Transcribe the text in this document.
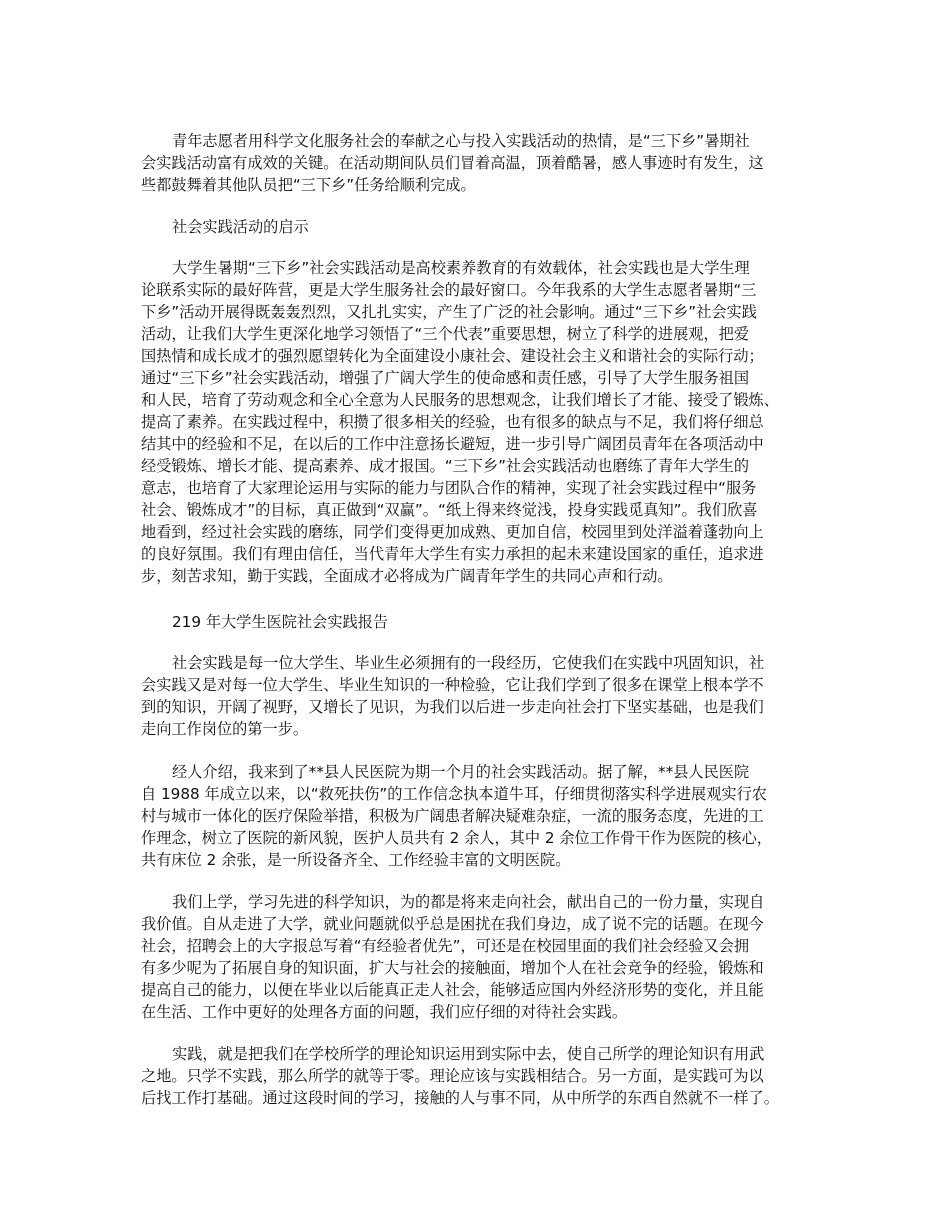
青年志愿者用科学文化服务社会的奉献之心与投入实践活动的热情，是“三下乡”暑期社
会实践活动富有成效的关键。在活动期间队员们冒着高温，顶着酷暑，感人事迹时有发生，这
些都鼓舞着其他队员把“三下乡”任务给顺利完成。
社会实践活动的启示
大学生暑期“三下乡”社会实践活动是高校素养教育的有效载体，社会实践也是大学生理
论联系实际的最好阵营，更是大学生服务社会的最好窗口。今年我系的大学生志愿者暑期“三
下乡”活动开展得既轰轰烈烈，又扎扎实实，产生了广泛的社会影响。通过“三下乡”社会实践
活动，让我们大学生更深化地学习领悟了“三个代表”重要思想，树立了科学的进展观，把爱
国热情和成长成才的强烈愿望转化为全面建设小康社会、建设社会主义和谐社会的实际行动；
通过“三下乡”社会实践活动，增强了广阔大学生的使命感和责任感，引导了大学生服务祖国
和人民，培育了劳动观念和全心全意为人民服务的思想观念，让我们增长了才能、接受了锻炼、
提高了素养。在实践过程中，积攒了很多相关的经验，也有很多的缺点与不足，我们将仔细总
结其中的经验和不足，在以后的工作中注意扬长避短，进一步引导广阔团员青年在各项活动中
经受锻炼、增长才能、提高素养、成才报国。“三下乡”社会实践活动也磨练了青年大学生的
意志，也培育了大家理论运用与实际的能力与团队合作的精神，实现了社会实践过程中“服务
社会、锻炼成才”的目标，真正做到“双赢”。“纸上得来终觉浅，投身实践觅真知”。我们欣喜
地看到，经过社会实践的磨练，同学们变得更加成熟、更加自信，校园里到处洋溢着蓬勃向上
的良好氛围。我们有理由信任，当代青年大学生有实力承担的起未来建设国家的重任，追求进
步，刻苦求知，勤于实践，全面成才必将成为广阔青年学生的共同心声和行动。
219 年大学生医院社会实践报告
社会实践是每一位大学生、毕业生必须拥有的一段经历，它使我们在实践中巩固知识，社
会实践又是对每一位大学生、毕业生知识的一种检验，它让我们学到了很多在课堂上根本学不
到的知识，开阔了视野，又增长了见识，为我们以后进一步走向社会打下坚实基础，也是我们
走向工作岗位的第一步。
经人介绍，我来到了**县人民医院为期一个月的社会实践活动。据了解，**县人民医院
自 1988 年成立以来，以“救死扶伤”的工作信念执本道牛耳，仔细贯彻落实科学进展观实行农
村与城市一体化的医疗保险举措，积极为广阔患者解决疑难杂症，一流的服务态度，先进的工
作理念，树立了医院的新风貌，医护人员共有 2 余人，其中 2 余位工作骨干作为医院的核心，
共有床位 2 余张，是一所设备齐全、工作经验丰富的文明医院。
我们上学，学习先进的科学知识，为的都是将来走向社会，献出自己的一份力量，实现自
我价值。自从走进了大学，就业问题就似乎总是困扰在我们身边，成了说不完的话题。在现今
社会，招聘会上的大字报总写着“有经验者优先”，可还是在校园里面的我们社会经验又会拥
有多少呢为了拓展自身的知识面，扩大与社会的接触面，增加个人在社会竞争的经验，锻炼和
提高自己的能力，以便在毕业以后能真正走人社会，能够适应国内外经济形势的变化，并且能
在生活、工作中更好的处理各方面的问题，我们应仔细的对待社会实践。
实践，就是把我们在学校所学的理论知识运用到实际中去，使自己所学的理论知识有用武
之地。只学不实践，那么所学的就等于零。理论应该与实践相结合。另一方面，是实践可为以
后找工作打基础。通过这段时间的学习，接触的人与事不同，从中所学的东西自然就不一样了。
